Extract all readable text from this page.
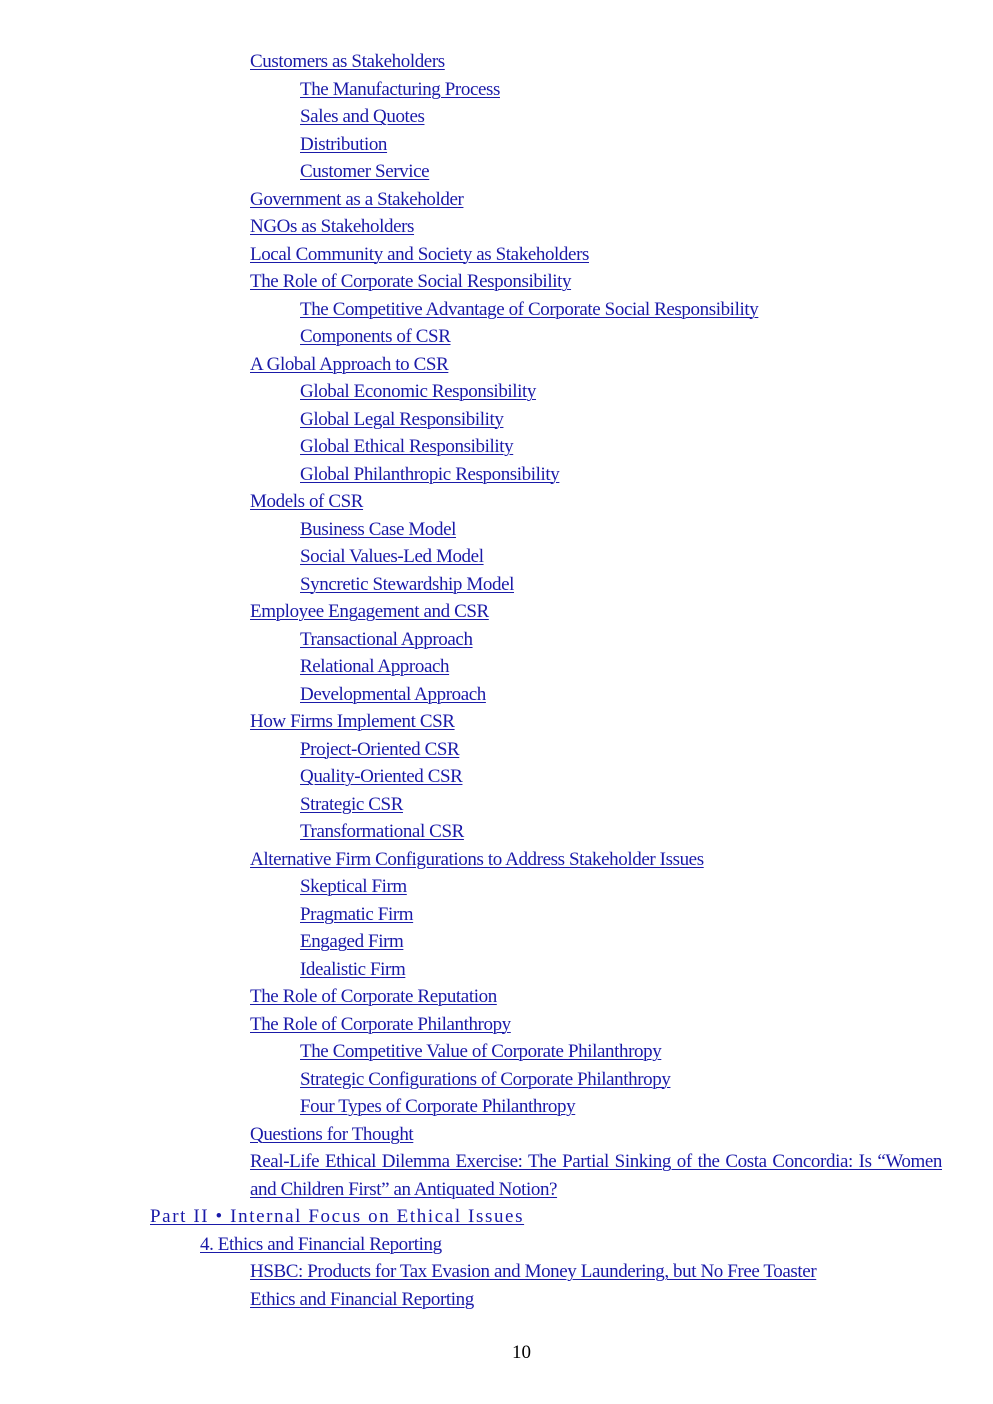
Customers as Stakeholders
The Manufacturing Process
Sales and Quotes
Distribution
Customer Service
Government as a Stakeholder
NGOs as Stakeholders
Local Community and Society as Stakeholders
The Role of Corporate Social Responsibility
The Competitive Advantage of Corporate Social Responsibility
Components of CSR
A Global Approach to CSR
Global Economic Responsibility
Global Legal Responsibility
Global Ethical Responsibility
Global Philanthropic Responsibility
Models of CSR
Business Case Model
Social Values-Led Model
Syncretic Stewardship Model
Employee Engagement and CSR
Transactional Approach
Relational Approach
Developmental Approach
How Firms Implement CSR
Project-Oriented CSR
Quality-Oriented CSR
Strategic CSR
Transformational CSR
Alternative Firm Configurations to Address Stakeholder Issues
Skeptical Firm
Pragmatic Firm
Engaged Firm
Idealistic Firm
The Role of Corporate Reputation
The Role of Corporate Philanthropy
The Competitive Value of Corporate Philanthropy
Strategic Configurations of Corporate Philanthropy
Four Types of Corporate Philanthropy
Questions for Thought
Real-Life Ethical Dilemma Exercise: The Partial Sinking of the Costa Concordia: Is “Women and Children First” an Antiquated Notion?
Part II • Internal Focus on Ethical Issues
4. Ethics and Financial Reporting
HSBC: Products for Tax Evasion and Money Laundering, but No Free Toaster
Ethics and Financial Reporting
10
